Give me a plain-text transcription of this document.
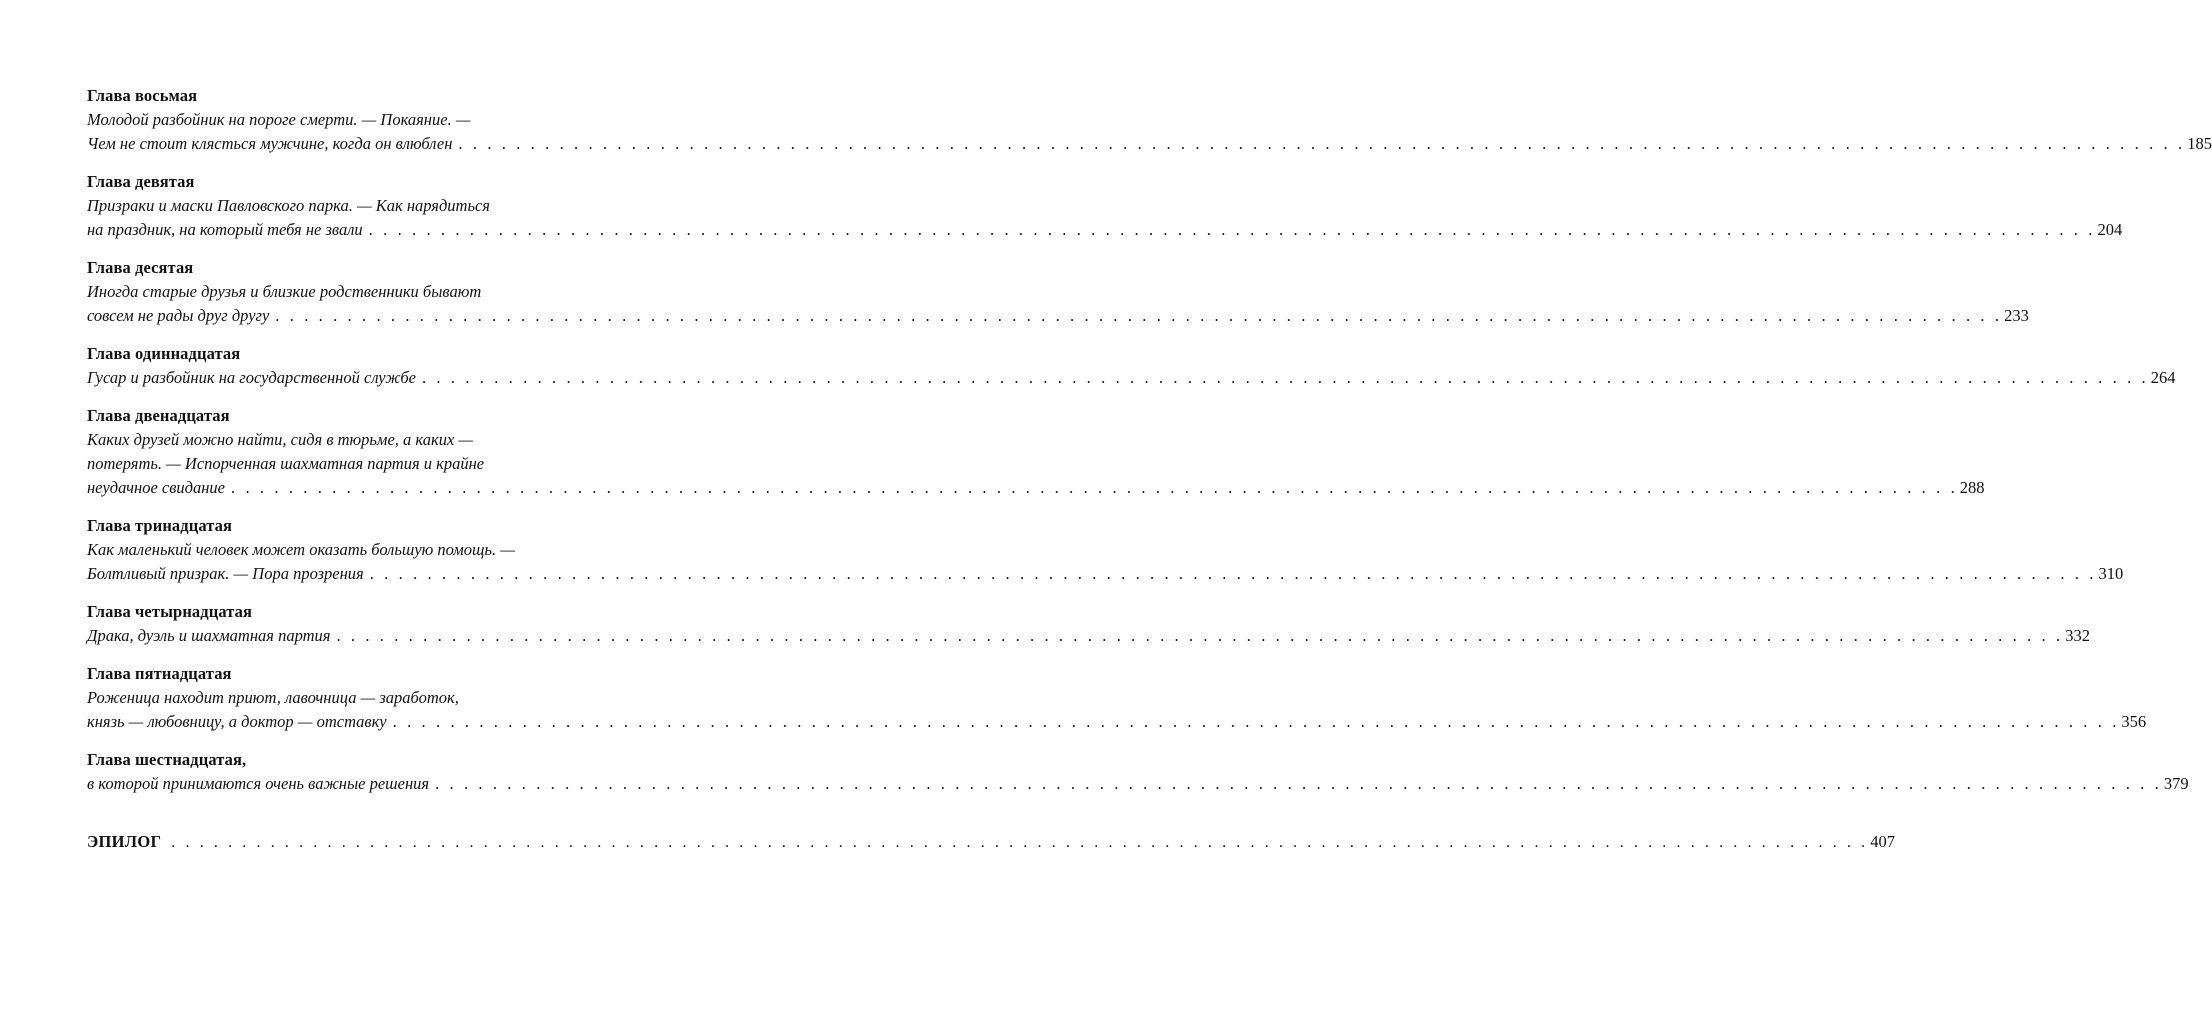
Глава восьмая
Молодой разбойник на пороге смерти. — Покаяние. —
Чем не стоит клясться мужчине, когда он влюблен . . . . . . . . . . . . . . . . . . . . . . . . . . . . . . . . . . . . . . . . . . . . . . . . . . . . . . . . . . . . . . . . . . . . . . . . . . . . . . . . . . . . . . . . . . . . . . . . . . . . . . . . . . . . . . . . . . . . . . . . 185
Глава девятая
Призраки и маски Павловского парка. — Как нарядиться
на праздник, на который тебя не звали . . . . . . . . . . . . . . . . . . . . . . . . . . . . . . . . . . . . . . . . . . . . . . . . . . . . . . . . . . . . . . . . . . . . . . . . . . . . . . . . . . . . . . . . . . . . . . . . . . . . . . . . . . . . . . . . . . . . . . . . 204
Глава десятая
Иногда старые друзья и близкие родственники бывают
совсем не рады друг другу . . . . . . . . . . . . . . . . . . . . . . . . . . . . . . . . . . . . . . . . . . . . . . . . . . . . . . . . . . . . . . . . . . . . . . . . . . . . . . . . . . . . . . . . . . . . . . . . . . . . . . . . . . . . . . . . . . . . . . . . 233
Глава одиннадцатая
Гусар и разбойник на государственной службе . . . . . . . . . . . . . . . . . . . . . . . . . . . . . . . . . . . . . . . . . . . . . . . . . . . . . . . . . . . . . . . . . . . . . . . . . . . . . . . . . . . . . . . . . . . . . . . . . . . . . . . . . . . . . . . . . . . . . . . . 264
Глава двенадцатая
Каких друзей можно найти, сидя в тюрьме, а каких —
потерять. — Испорченная шахматная партия и крайне
неудачное свидание . . . . . . . . . . . . . . . . . . . . . . . . . . . . . . . . . . . . . . . . . . . . . . . . . . . . . . . . . . . . . . . . . . . . . . . . . . . . . . . . . . . . . . . . . . . . . . . . . . . . . . . . . . . . . . . . . . . . . . . . 288
Глава тринадцатая
Как маленький человек может оказать большую помощь. —
Болтливый призрак. — Пора прозрения . . . . . . . . . . . . . . . . . . . . . . . . . . . . . . . . . . . . . . . . . . . . . . . . . . . . . . . . . . . . . . . . . . . . . . . . . . . . . . . . . . . . . . . . . . . . . . . . . . . . . . . . . . . . . . . . . . . . . . . . 310
Глава четырнадцатая
Драка, дуэль и шахматная партия . . . . . . . . . . . . . . . . . . . . . . . . . . . . . . . . . . . . . . . . . . . . . . . . . . . . . . . . . . . . . . . . . . . . . . . . . . . . . . . . . . . . . . . . . . . . . . . . . . . . . . . . . . . . . . . . . . . . . . . . 332
Глава пятнадцатая
Роженица находит приют, лавочница — заработок,
князь — любовницу, а доктор — отставку . . . . . . . . . . . . . . . . . . . . . . . . . . . . . . . . . . . . . . . . . . . . . . . . . . . . . . . . . . . . . . . . . . . . . . . . . . . . . . . . . . . . . . . . . . . . . . . . . . . . . . . . . . . . . . . . . . . . . . . . 356
Глава шестнадцатая,
в которой принимаются очень важные решения . . . . . . . . . . . . . . . . . . . . . . . . . . . . . . . . . . . . . . . . . . . . . . . . . . . . . . . . . . . . . . . . . . . . . . . . . . . . . . . . . . . . . . . . . . . . . . . . . . . . . . . . . . . . . . . . . . . . . . . . 379
ЭПИЛОГ . . . . . . . . . . . . . . . . . . . . . . . . . . . . . . . . . . . . . . . . . . . . . . . . . . . . . . . . . . . . . . . . . . . . . . . . . . . . . . . . . . . . . . . . . . . . . . . . . . . . . . . . . . . . . . . . . . . . . . . . 407
